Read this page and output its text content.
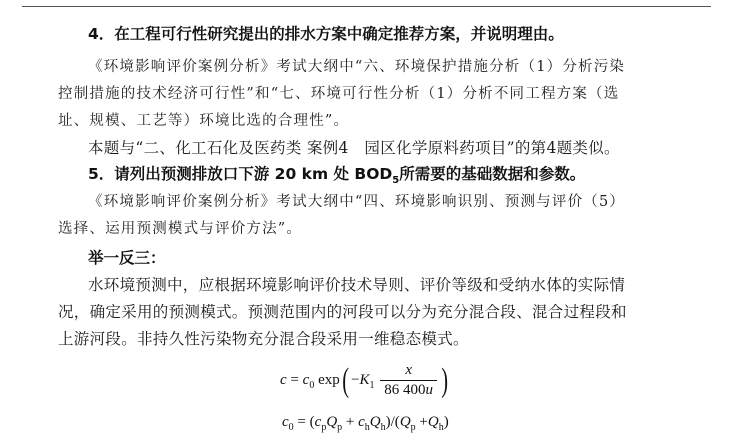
4．在工程可行性研究提出的排水方案中确定推荐方案，并说明理由。
《环境影响评价案例分析》考试大纲中“六、环境保护措施分析（1）分析污染
控制措施的技术经济可行性”和“七、环境可行性分析（1）分析不同工程方案（选
址、规模、工艺等）环境比选的合理性”。
本题与“二、化工石化及医药类 案例4　园区化学原料药项目”的第4题类似。
5．请列出预测排放口下游 20 km 处 $BOD_5$所需要的基础数据和参数。
《环境影响评价案例分析》考试大纲中“四、环境影响识别、预测与评价（5）
选择、运用预测模式与评价方法”。
举一反三：
水环境预测中，应根据环境影响评价技术导则、评价等级和受纳水体的实际情
况，确定采用的预测模式。预测范围内的河段可以分为充分混合段、混合过程段和
上游河段。非持久性污染物充分混合段采用一维稳态模式。
$c = c_0$ $\exp( -K_1 \frac{x}{86 400u}$ )
$c_0 = (c_pQ_p + c_hQ_h)/(Q_p +Q_h)$
